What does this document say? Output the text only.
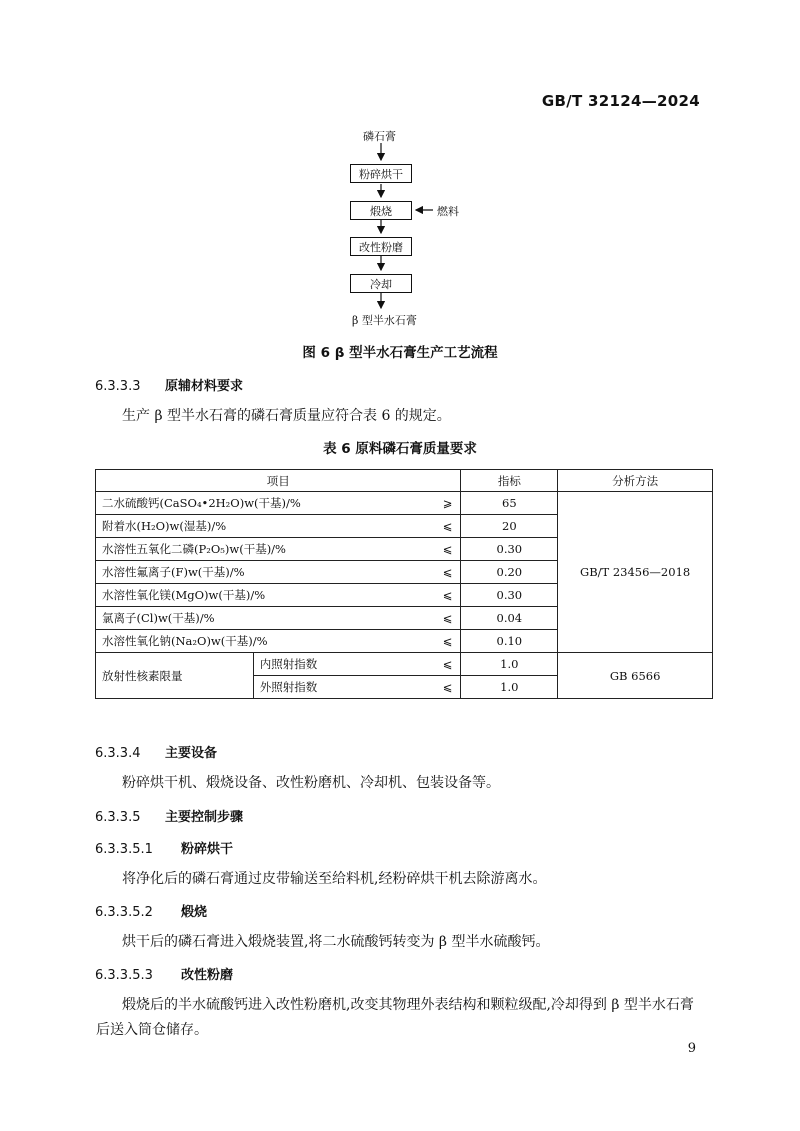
GB/T 32124—2024
磷石膏
粉碎烘干
煅烧
改性粉磨
冷却
燃料
β 型半水石膏
图 6 β 型半水石膏生产工艺流程
6.3.3.3 原辅材料要求
生产 β 型半水石膏的磷石膏质量应符合表 6 的规定。
表 6 原料磷石膏质量要求
项目			指标	分析方法
二水硫酸钙(CaSO₄•2H₂O)w(干基)/%		⩾	65	GB/T 23456—2018
附着水(H₂O)w(湿基)/%		⩽	20	
水溶性五氧化二磷(P₂O₅)w(干基)/%		⩽	0.30	
水溶性氟离子(F)w(干基)/%		⩽	0.20	
水溶性氧化镁(MgO)w(干基)/%		⩽	0.30	
氯离子(Cl)w(干基)/%		⩽	0.04	
水溶性氧化钠(Na₂O)w(干基)/%		⩽	0.10	
放射性核素限量	内照射指数	⩽	1.0	GB 6566
	外照射指数	⩽	1.0	
6.3.3.4 主要设备
粉碎烘干机、煅烧设备、改性粉磨机、冷却机、包装设备等。
6.3.3.5 主要控制步骤
6.3.3.5.1 粉碎烘干
将净化后的磷石膏通过皮带输送至给料机,经粉碎烘干机去除游离水。
6.3.3.5.2 煅烧
烘干后的磷石膏进入煅烧装置,将二水硫酸钙转变为 β 型半水硫酸钙。
6.3.3.5.3 改性粉磨
煅烧后的半水硫酸钙进入改性粉磨机,改变其物理外表结构和颗粒级配,冷却得到 β 型半水石膏
后送入筒仓储存。
9
